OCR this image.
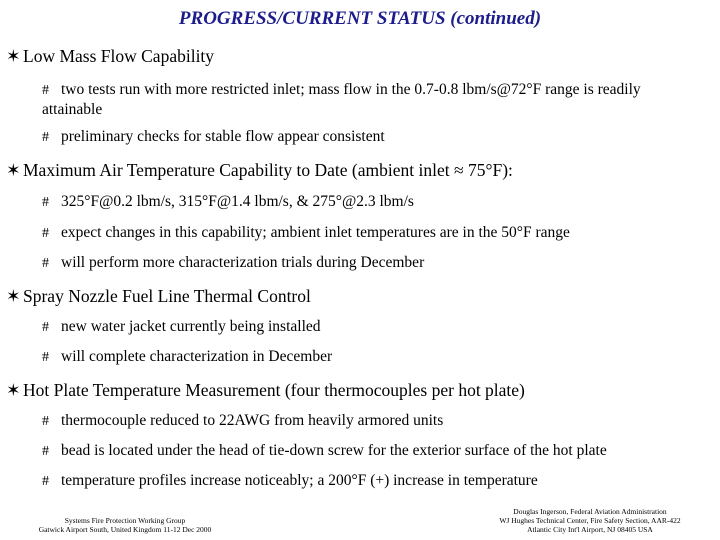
PROGRESS/CURRENT STATUS (continued)
✶ Low Mass Flow Capability
# two tests run with more restricted inlet; mass flow in the 0.7-0.8 lbm/s@72°F range is readily attainable
# preliminary checks for stable flow appear consistent
✶ Maximum Air Temperature Capability to Date (ambient inlet ≈ 75°F):
# 325°F@0.2 lbm/s, 315°F@1.4 lbm/s, & 275°@2.3 lbm/s
# expect changes in this capability; ambient inlet temperatures are in the 50°F range
# will perform more characterization trials during December
✶ Spray Nozzle Fuel Line Thermal Control
# new water jacket currently being installed
# will complete characterization in December
✶ Hot Plate Temperature Measurement (four thermocouples per hot plate)
# thermocouple reduced to 22AWG from heavily armored units
# bead is located under the head of tie-down screw for the exterior surface of the hot plate
# temperature profiles increase noticeably; a 200°F (+) increase in temperature
Systems Fire Protection Working Group
Gatwick Airport South, United Kingdom 11-12 Dec 2000
Douglas Ingerson, Federal Aviation Administration
WJ Hughes Technical Center, Fire Safety Section, AAR-422
Atlantic City Int'l Airport, NJ 08405 USA
